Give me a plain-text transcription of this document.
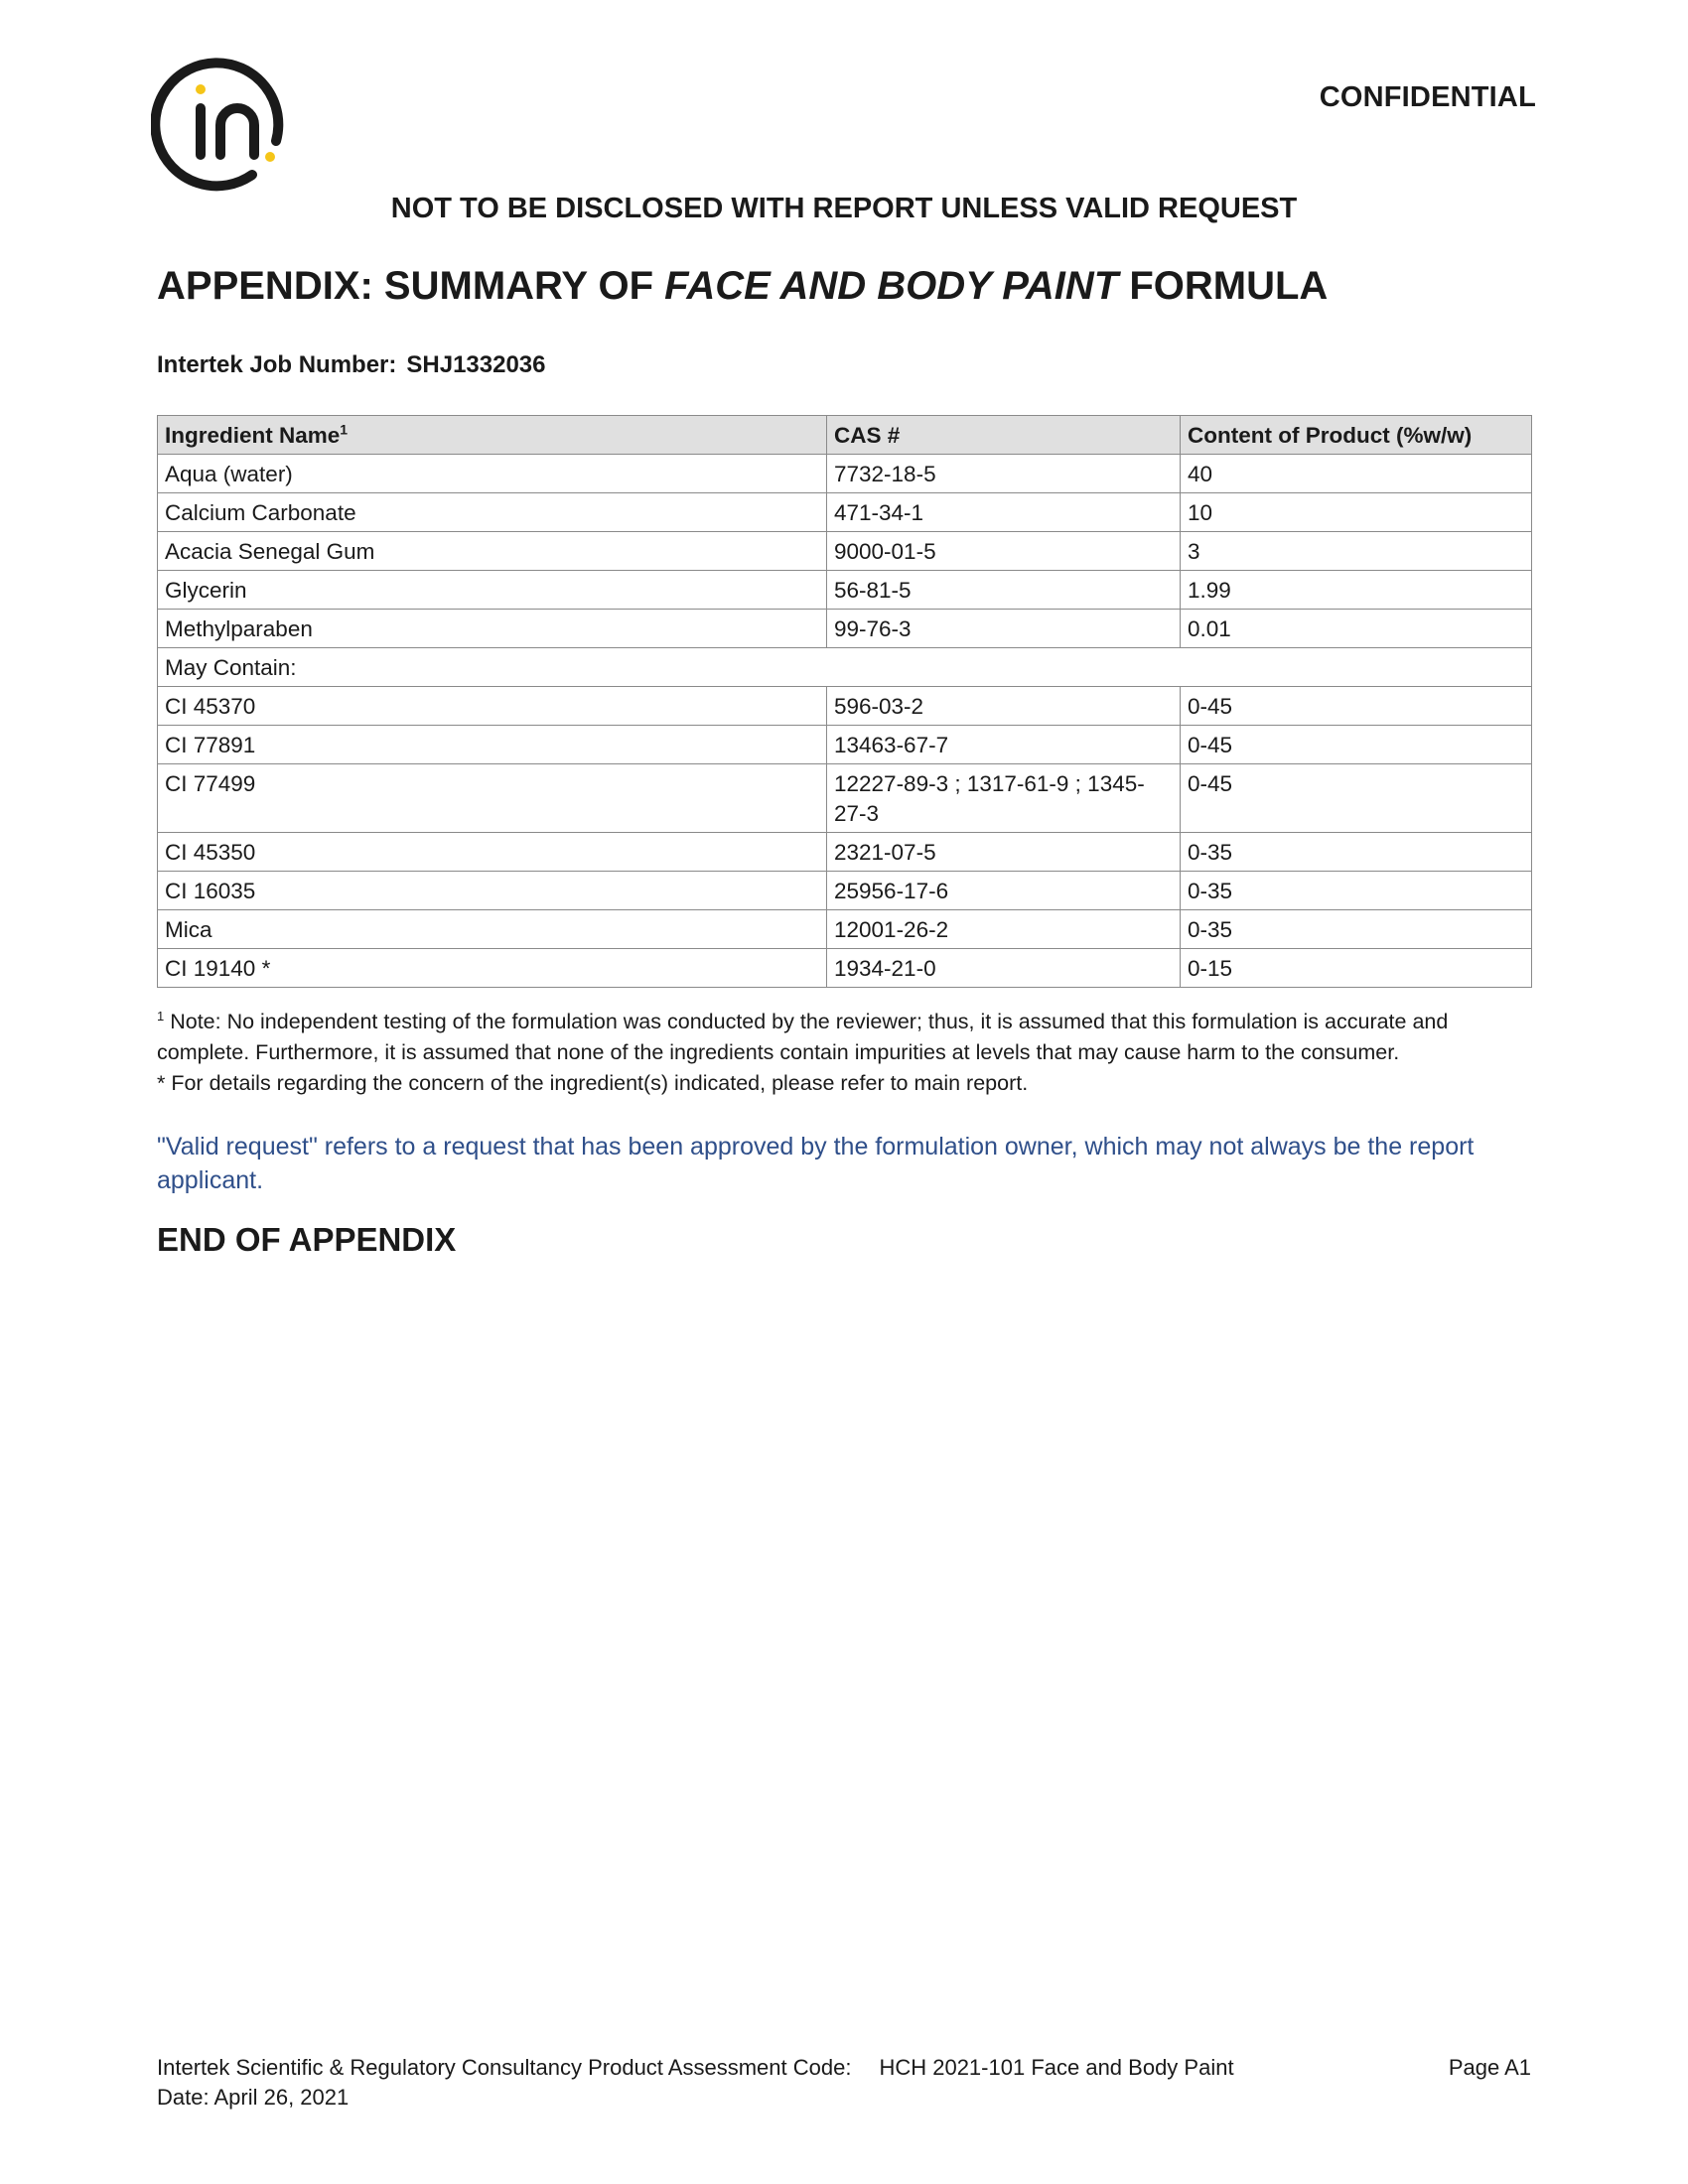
CONFIDENTIAL
NOT TO BE DISCLOSED WITH REPORT UNLESS VALID REQUEST
APPENDIX: SUMMARY OF FACE AND BODY PAINT FORMULA
Intertek Job Number: SHJ1332036
Ingredient Name$^1$	CAS #	Content of Product (%w/w)
Aqua (water)	7732-18-5	40
Calcium Carbonate	471-34-1	10
Acacia Senegal Gum	9000-01-5	3
Glycerin	56-81-5	1.99
Methylparaben	99-76-3	0.01
May Contain:		
CI 45370	596-03-2	0-45
CI 77891	13463-67-7	0-45
CI 77499	12227-89-3 ; 1317-61-9 ; 1345-27-3	0-45
CI 45350	2321-07-5	0-35
CI 16035	25956-17-6	0-35
Mica	12001-26-2	0-35
CI 19140 *	1934-21-0	0-15
$^1$ Note: No independent testing of the formulation was conducted by the reviewer; thus, it is assumed that this formulation is accurate and complete. Furthermore, it is assumed that none of the ingredients contain impurities at levels that may cause harm to the consumer.
* For details regarding the concern of the ingredient(s) indicated, please refer to main report.
"Valid request" refers to a request that has been approved by the formulation owner, which may not always be the report applicant.
END OF APPENDIX
Intertek Scientific & Regulatory Consultancy Product Assessment Code: HCH 2021-101 Face and Body Paint	Page A1
Date: April 26, 2021
